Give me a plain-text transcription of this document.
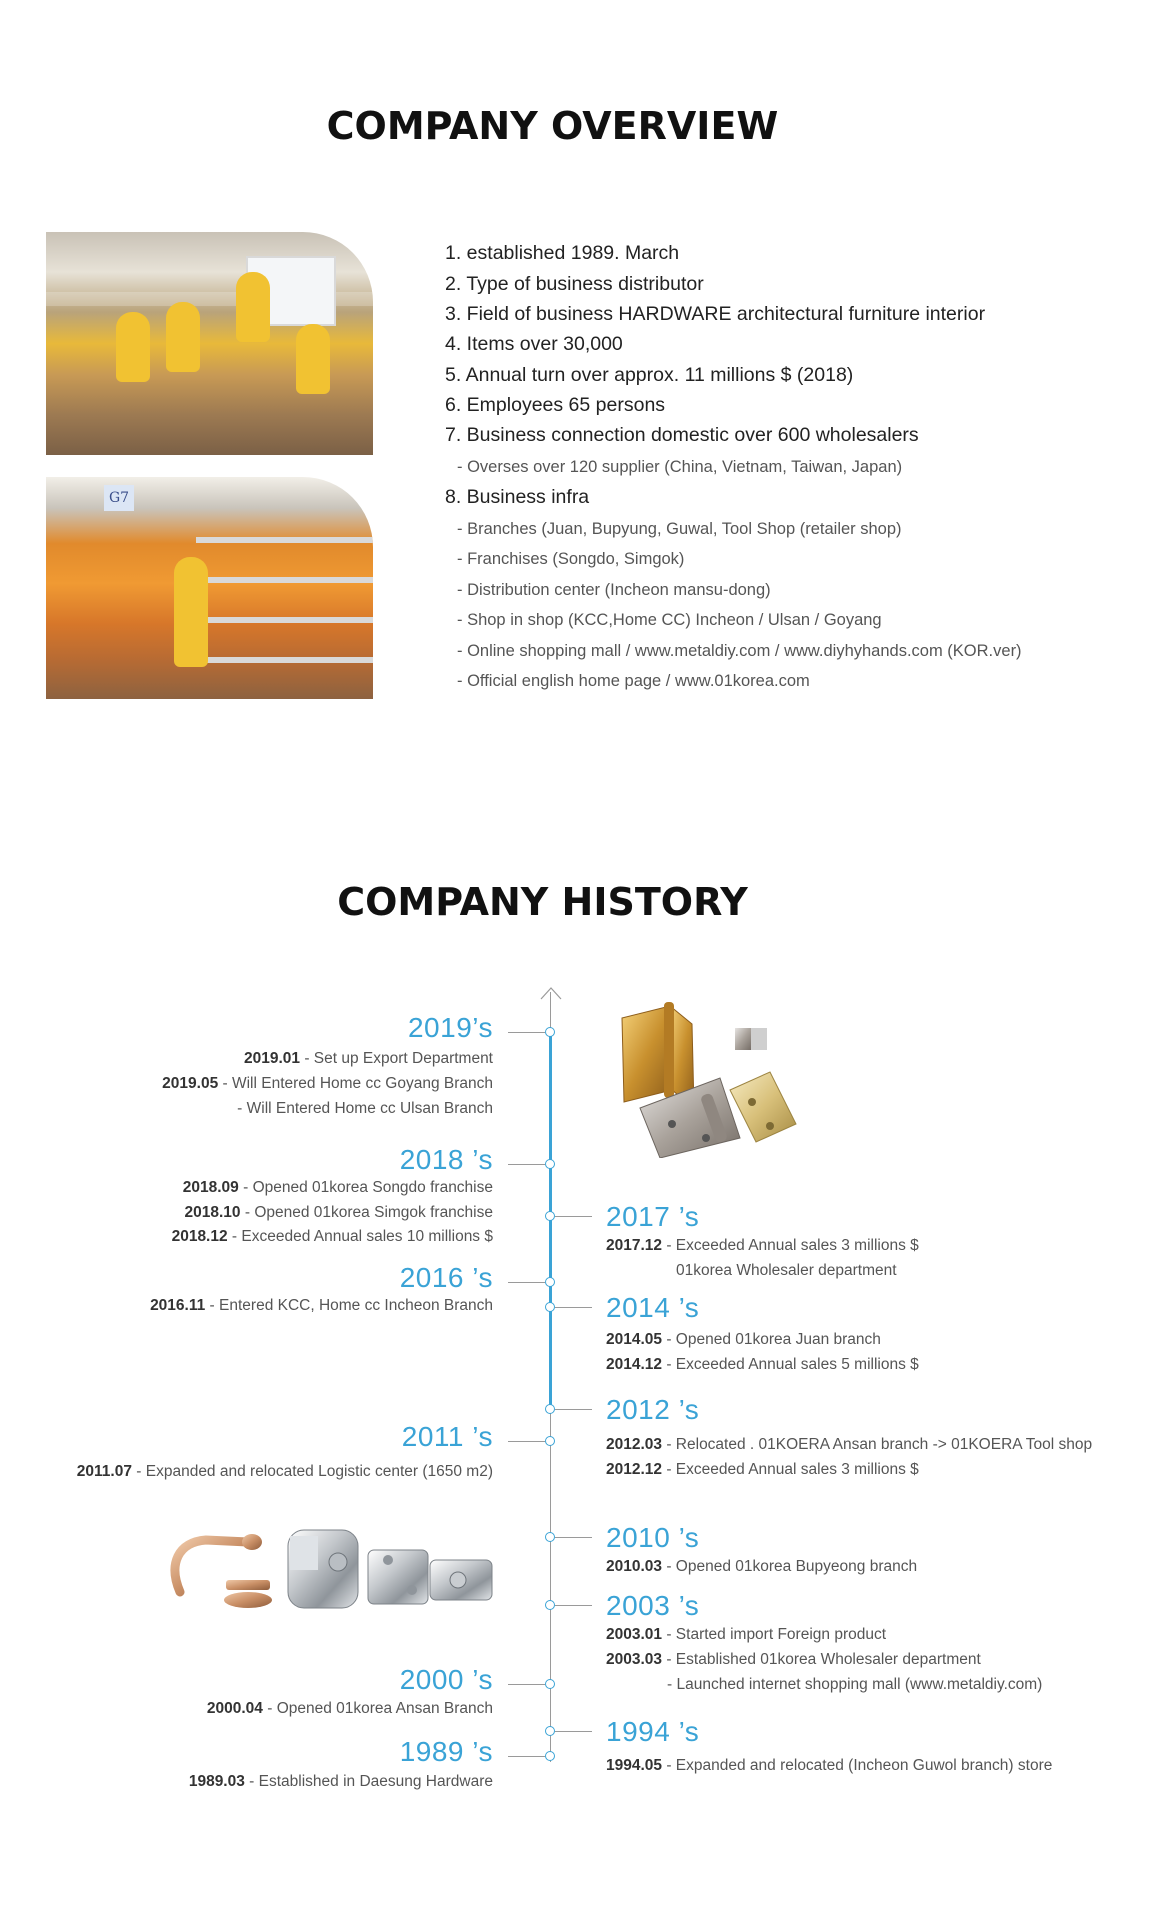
COMPANY OVERVIEW
G7
1. established 1989. March
2. Type of business distributor
3. Field of business HARDWARE architectural furniture interior
4. Items over 30,000
5. Annual turn over approx. 11 millions $ (2018)
6. Employees 65 persons
7. Business connection domestic over 600 wholesalers
- Overses over 120 supplier (China, Vietnam, Taiwan, Japan)
8. Business infra
- Branches (Juan, Bupyung, Guwal, Tool Shop (retailer shop)
- Franchises (Songdo, Simgok)
- Distribution center (Incheon mansu-dong)
- Shop in shop (KCC,Home CC) Incheon / Ulsan / Goyang
- Online shopping mall / www.metaldiy.com / www.diyhyhands.com (KOR.ver)
- Official english home page / www.01korea.com
COMPANY HISTORY
2019’s
2019.01 - Set up Export Department
2019.05 - Will Entered Home cc Goyang Branch
- Will Entered Home cc Ulsan Branch
2018 ’s
2018.09 - Opened 01korea Songdo franchise
2018.10 - Opened 01korea Simgok franchise
2018.12 - Exceeded Annual sales 10 millions $
2016 ’s
2016.11 - Entered KCC, Home cc Incheon Branch
2011 ’s
2011.07 - Expanded and relocated Logistic center (1650 m2)
2000 ’s
2000.04 - Opened 01korea Ansan Branch
1989 ’s
1989.03 - Established in Daesung Hardware
2017 ’s
2017.12 - Exceeded Annual sales 3 millions $
01korea Wholesaler department
2014 ’s
2014.05 - Opened 01korea Juan branch
2014.12 - Exceeded Annual sales 5 millions $
2012 ’s
2012.03 - Relocated . 01KOERA Ansan branch -> 01KOERA Tool shop
2012.12 - Exceeded Annual sales 3 millions $
2010 ’s
2010.03 - Opened 01korea Bupyeong branch
2003 ’s
2003.01 - Started import Foreign product
2003.03 - Established 01korea Wholesaler department
- Launched internet shopping mall (www.metaldiy.com)
1994 ’s
1994.05 - Expanded and relocated (Incheon Guwol branch) store
